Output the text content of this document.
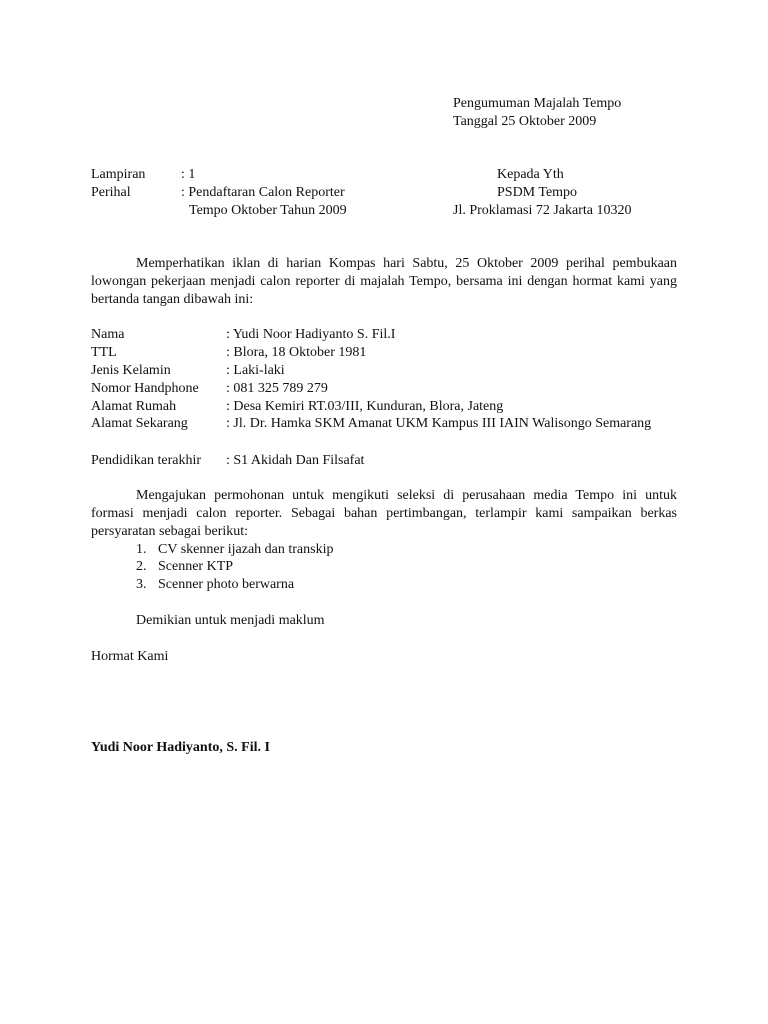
Pengumuman Majalah Tempo
Tanggal 25 Oktober 2009
Lampiran	: 1
Perihal	: Pendaftaran Calon Reporter
Tempo Oktober Tahun 2009
Kepada Yth
PSDM Tempo
Jl. Proklamasi 72 Jakarta 10320
Memperhatikan iklan di harian Kompas hari Sabtu, 25 Oktober 2009 perihal pembukaan lowongan pekerjaan menjadi calon reporter di majalah Tempo, bersama ini dengan hormat kami yang bertanda tangan dibawah ini:
Nama	: Yudi Noor Hadiyanto S. Fil.I
TTL	: Blora, 18 Oktober 1981
Jenis Kelamin	: Laki-laki
Nomor Handphone : 081 325 789 279
Alamat Rumah	: Desa Kemiri RT.03/III, Kunduran, Blora, Jateng
Alamat Sekarang	: Jl. Dr. Hamka SKM Amanat UKM Kampus III IAIN Walisongo Semarang
Pendidikan terakhir : S1 Akidah Dan Filsafat
Mengajukan permohonan untuk mengikuti seleksi di perusahaan media Tempo ini untuk formasi menjadi calon reporter. Sebagai bahan pertimbangan, terlampir kami sampaikan berkas persyaratan sebagai berikut:
1. CV skenner ijazah dan transkip
2. Scenner KTP
3. Scenner photo berwarna
Demikian untuk menjadi maklum
Hormat Kami
Yudi Noor Hadiyanto, S. Fil. I
